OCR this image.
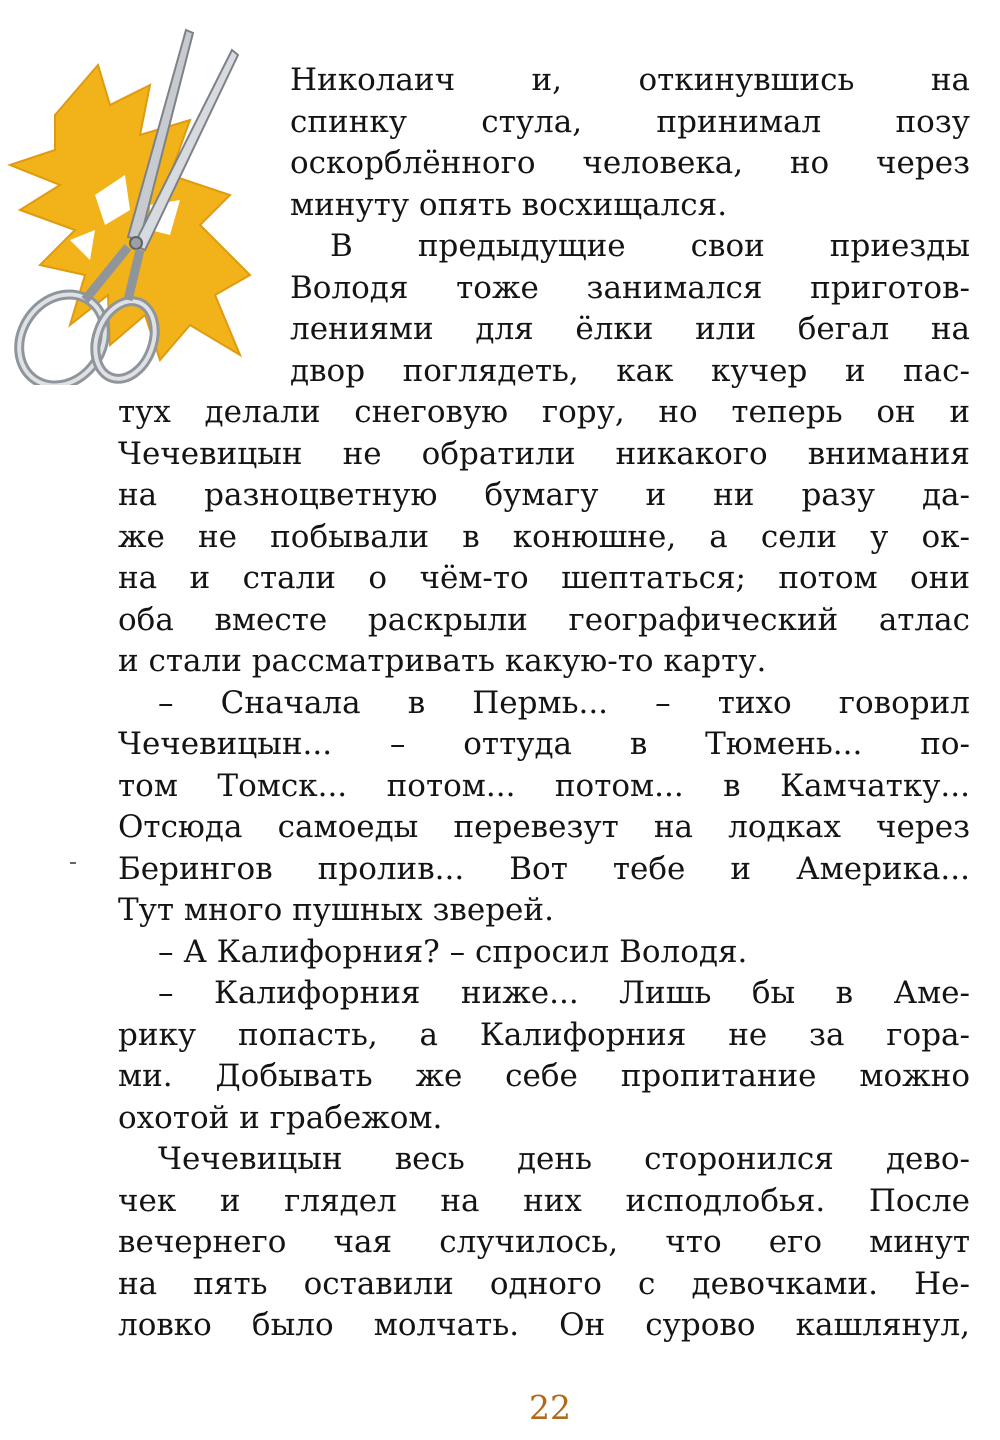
Николаич и, откинувшись на
спинку стула, принимал позу
оскорблённого человека, но через
минуту опять восхищался.
В предыдущие свои приезды
Володя тоже занимался приготов-
лениями для ёлки или бегал на
двор поглядеть, как кучер и пас-
тух делали снеговую гору, но теперь он и
Чечевицын не обратили никакого внимания
на разноцветную бумагу и ни разу да-
же не побывали в конюшне, а сели у ок-
на и стали о чём-то шептаться; потом они
оба вместе раскрыли географический атлас
и стали рассматривать какую-то карту.
– Сначала в Пермь... – тихо говорил
Чечевицын... – оттуда в Тюмень... по-
том Томск... потом... потом... в Камчатку...
Отсюда самоеды перевезут на лодках через
Берингов пролив... Вот тебе и Америка...
Тут много пушных зверей.
– А Калифорния? – спросил Володя.
– Калифорния ниже... Лишь бы в Аме-
рику попасть, а Калифорния не за гора-
ми. Добывать же себе пропитание можно
охотой и грабежом.
Чечевицын весь день сторонился дево-
чек и глядел на них исподлобья. После
вечернего чая случилось, что его минут
на пять оставили одного с девочками. Не-
ловко было молчать. Он сурово кашлянул,
22
